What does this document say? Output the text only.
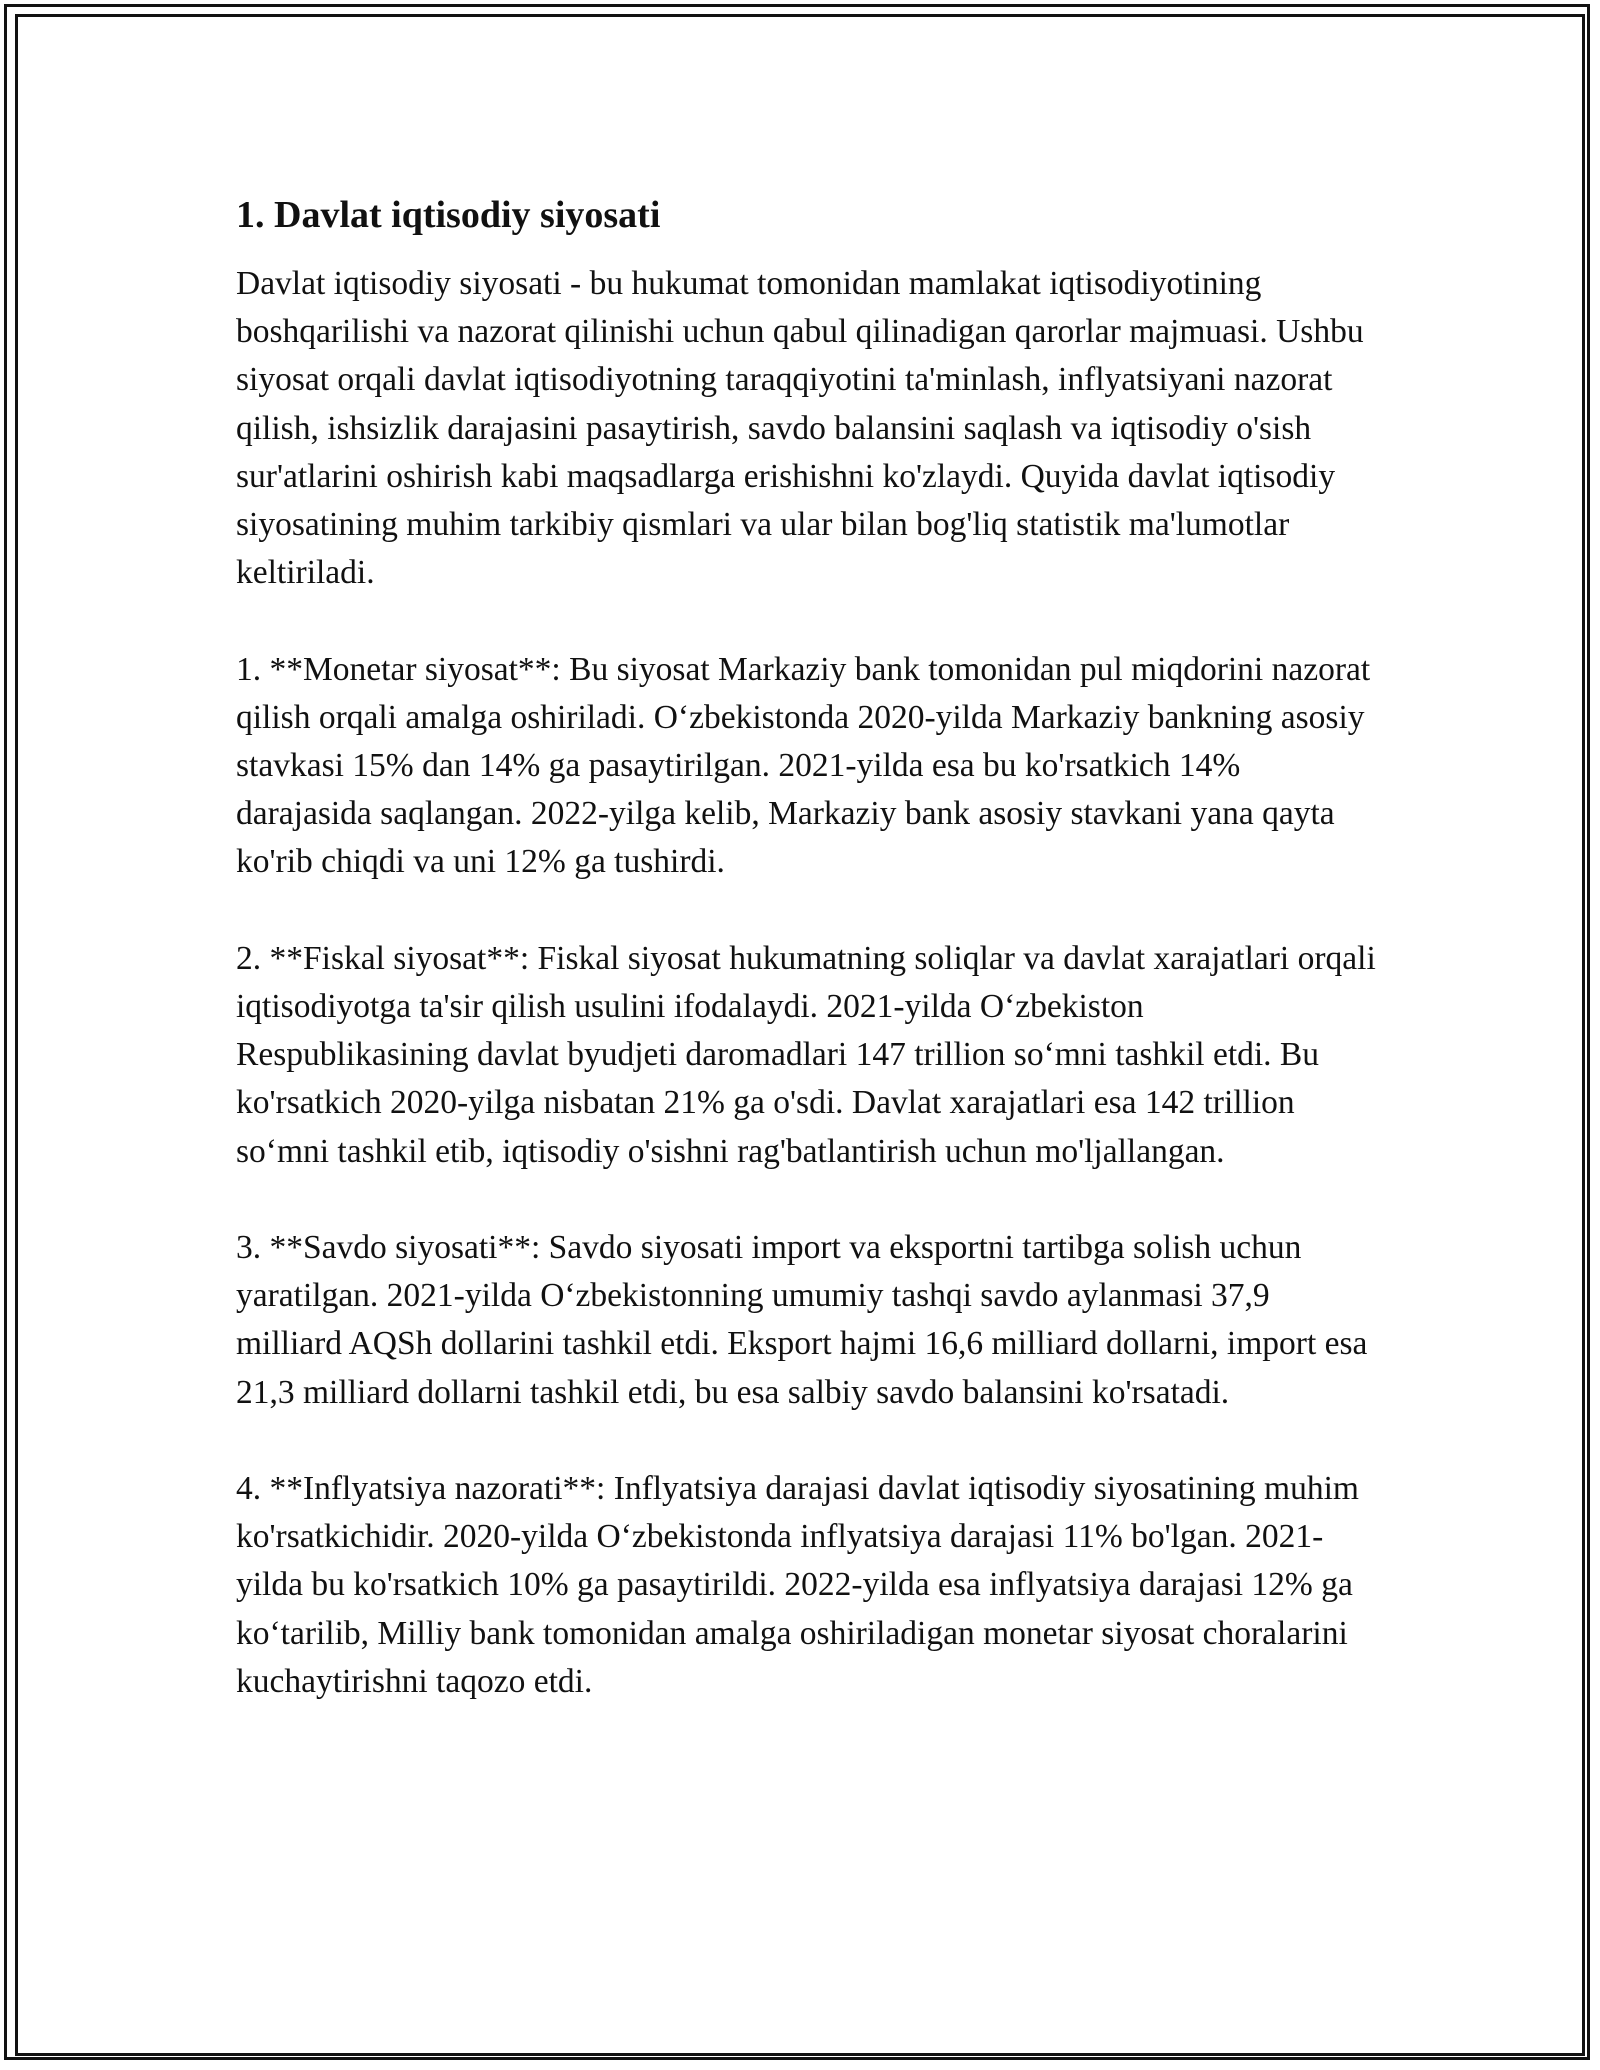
1. Davlat iqtisodiy siyosati

Davlat iqtisodiy siyosati - bu hukumat tomonidan mamlakat iqtisodiyotining boshqarilishi va nazorat qilinishi uchun qabul qilinadigan qarorlar majmuasi. Ushbu siyosat orqali davlat iqtisodiyotning taraqqiyotini ta'minlash, inflyatsiyani nazorat qilish, ishsizlik darajasini pasaytirish, savdo balansini saqlash va iqtisodiy o'sish sur'atlarini oshirish kabi maqsadlarga erishishni ko'zlaydi. Quyida davlat iqtisodiy siyosatining muhim tarkibiy qismlari va ular bilan bog'liq statistik ma'lumotlar keltiriladi.

1. **Monetar siyosat**: Bu siyosat Markaziy bank tomonidan pul miqdorini nazorat qilish orqali amalga oshiriladi. O‘zbekistonda 2020-yilda Markaziy bankning asosiy stavkasi 15% dan 14% ga pasaytirilgan. 2021-yilda esa bu ko'rsatkich 14% darajasida saqlangan. 2022-yilga kelib, Markaziy bank asosiy stavkani yana qayta ko'rib chiqdi va uni 12% ga tushirdi.

2. **Fiskal siyosat**: Fiskal siyosat hukumatning soliqlar va davlat xarajatlari orqali iqtisodiyotga ta'sir qilish usulini ifodalaydi. 2021-yilda O‘zbekiston Respublikasining davlat byudjeti daromadlari 147 trillion so‘mni tashkil etdi. Bu ko'rsatkich 2020-yilga nisbatan 21% ga o'sdi. Davlat xarajatlari esa 142 trillion so‘mni tashkil etib, iqtisodiy o'sishni rag'batlantirish uchun mo'ljallangan.

3. **Savdo siyosati**: Savdo siyosati import va eksportni tartibga solish uchun yaratilgan. 2021-yilda O‘zbekistonning umumiy tashqi savdo aylanmasi 37,9 milliard AQSh dollarini tashkil etdi. Eksport hajmi 16,6 milliard dollarni, import esa 21,3 milliard dollarni tashkil etdi, bu esa salbiy savdo balansini ko'rsatadi.

4. **Inflyatsiya nazorati**: Inflyatsiya darajasi davlat iqtisodiy siyosatining muhim ko'rsatkichidir. 2020-yilda O‘zbekistonda inflyatsiya darajasi 11% bo'lgan. 2021-yilda bu ko'rsatkich 10% ga pasaytirildi. 2022-yilda esa inflyatsiya darajasi 12% ga ko‘tarilib, Milliy bank tomonidan amalga oshiriladigan monetar siyosat choralarini kuchaytirishni taqozo etdi.
